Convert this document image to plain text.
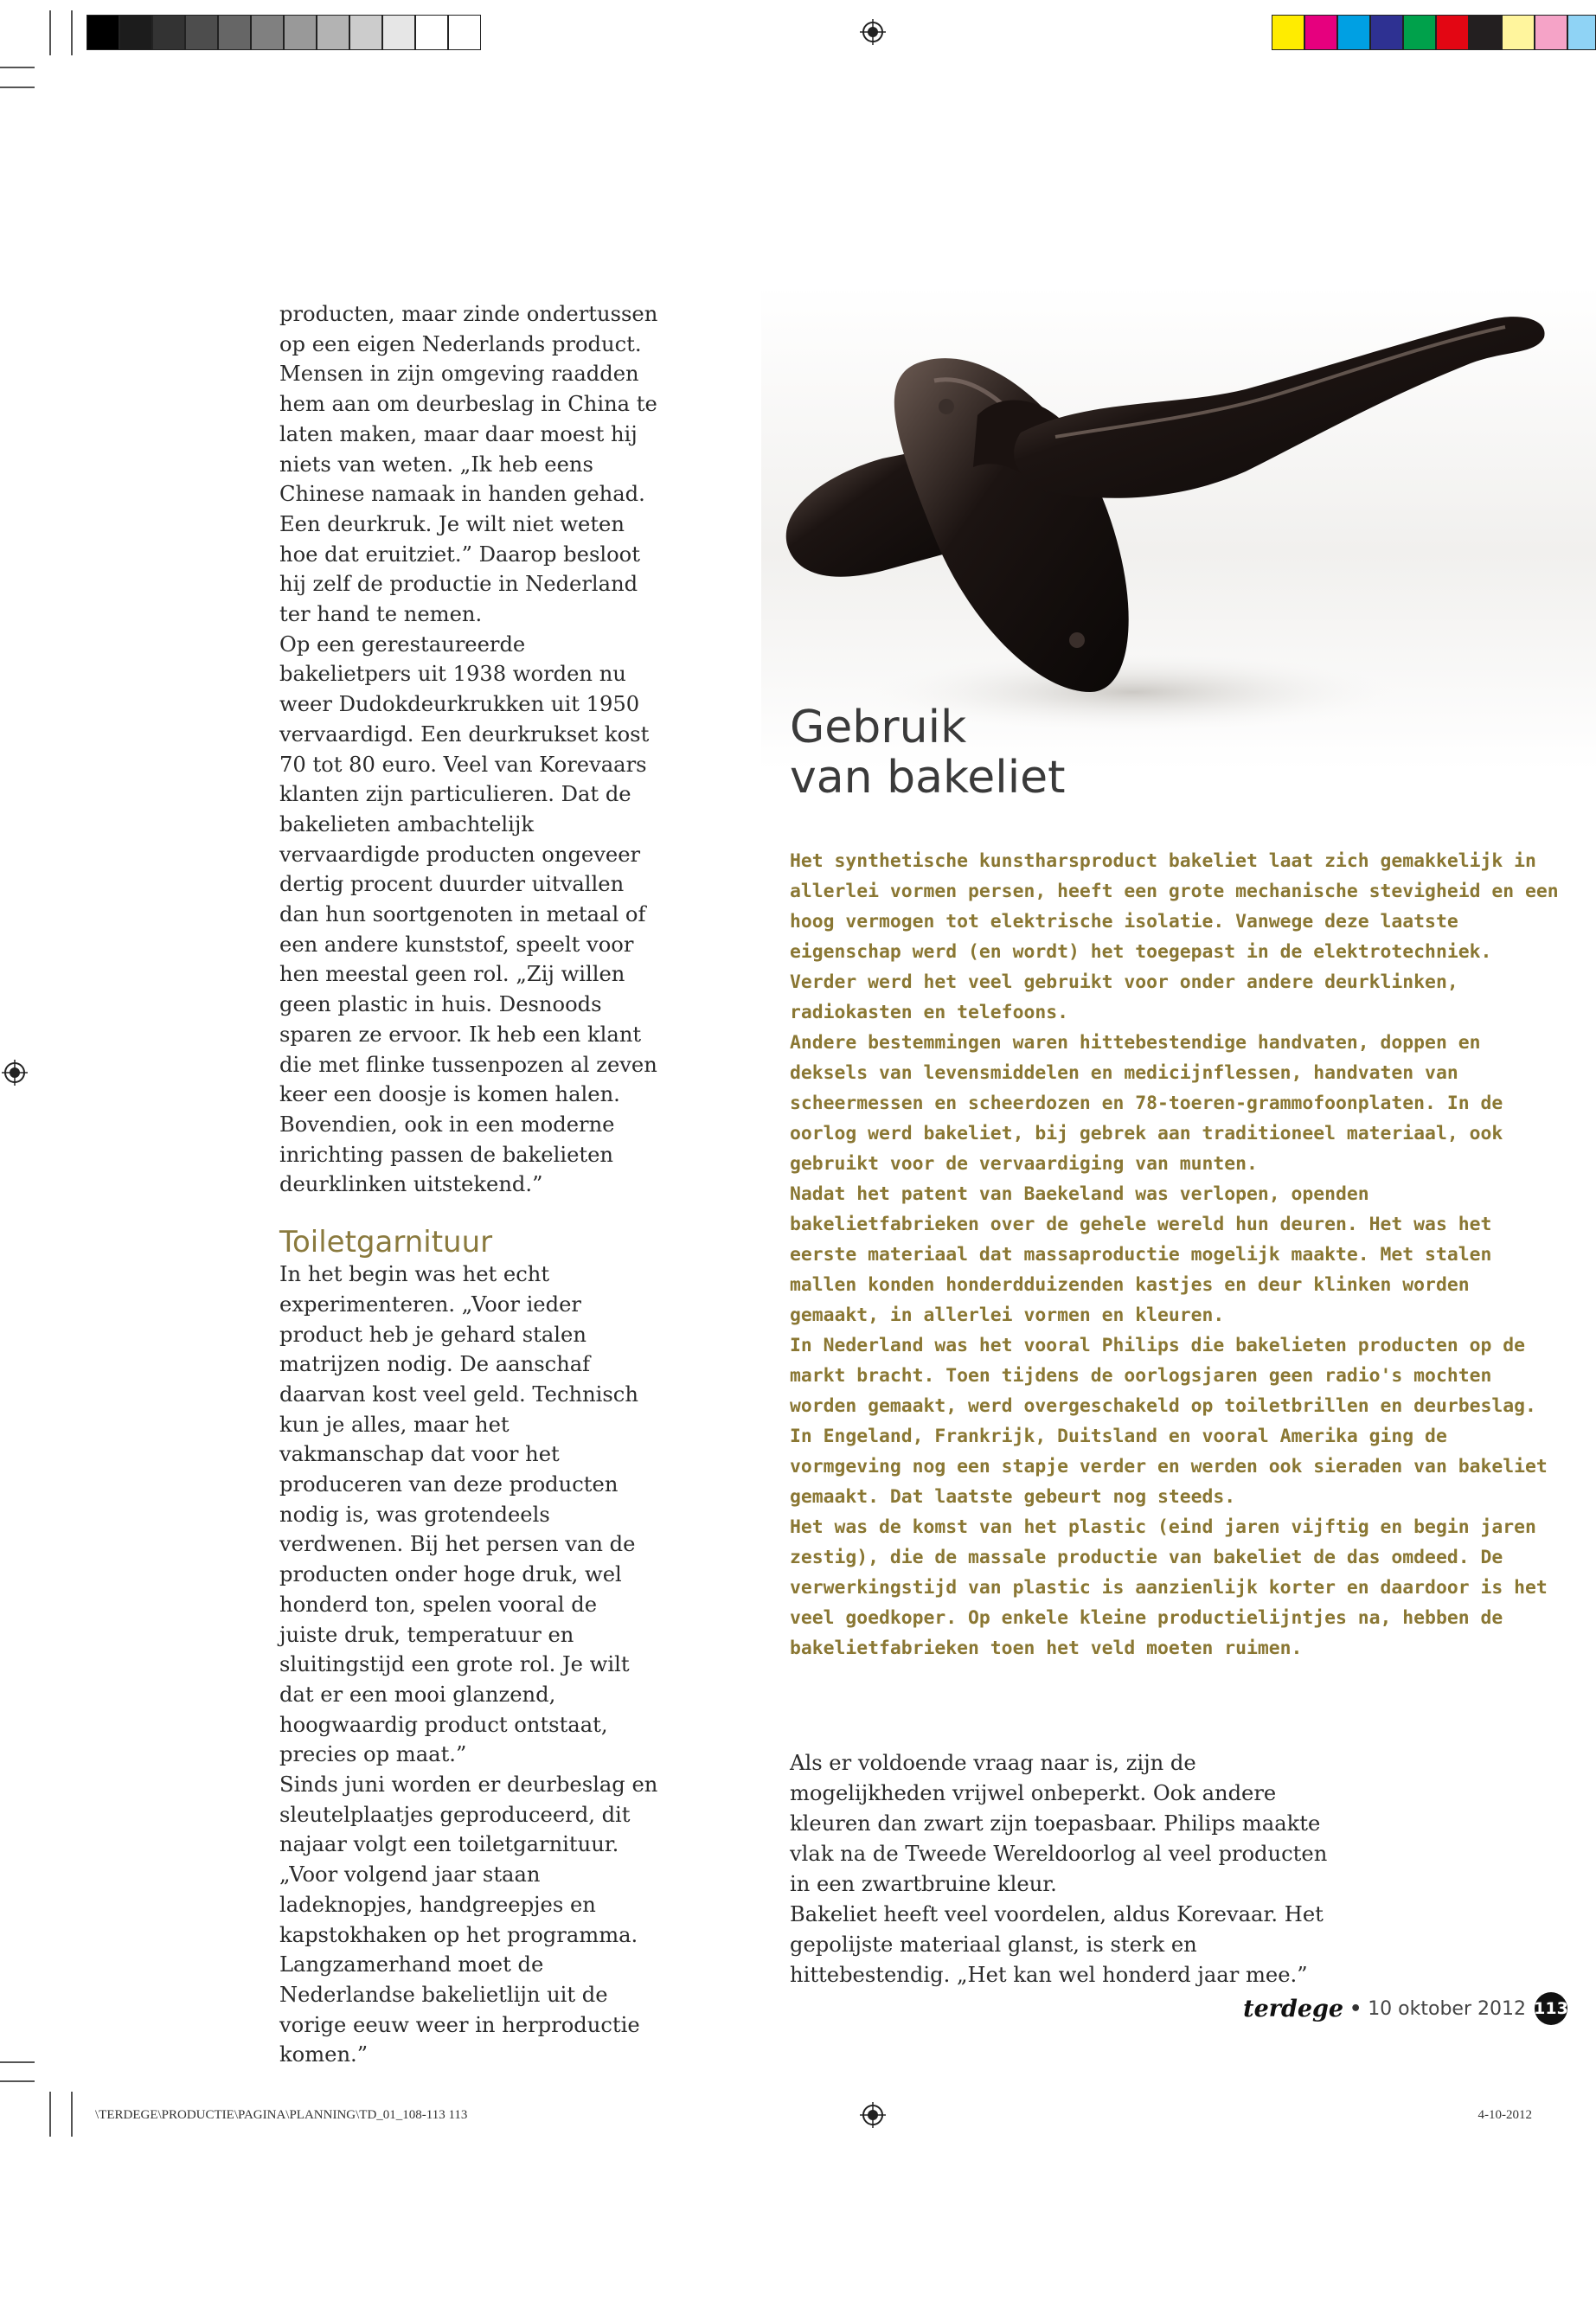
producten, maar zinde ondertussen op een eigen Nederlands product. Mensen in zijn omgeving raadden hem aan om deurbeslag in China te laten maken, maar daar moest hij niets van weten. „Ik heb eens Chinese namaak in handen gehad. Een deurkruk. Je wilt niet weten hoe dat eruitziet.” Daarop besloot hij zelf de productie in Nederland ter hand te nemen.

Op een gerestaureerde bakelietpers uit 1938 worden nu weer Dudokdeurkrukken uit 1950 vervaardigd. Een deurkrukset kost 70 tot 80 euro. Veel van Korevaars klanten zijn particulieren. Dat de bakelieten ambachtelijk vervaardigde producten ongeveer dertig procent duurder uitvallen dan hun soortgenoten in metaal of een andere kunststof, speelt voor hen meestal geen rol. „Zij willen geen plastic in huis. Desnoods sparen ze ervoor. Ik heb een klant die met flinke tussenpozen al zeven keer een doosje is komen halen. Bovendien, ook in een moderne inrichting passen de bakelieten deurklinken uitstekend.”

Toiletgarnituur

In het begin was het echt experimenteren. „Voor ieder product heb je gehard stalen matrijzen nodig. De aanschaf daarvan kost veel geld. Technisch kun je alles, maar het vakmanschap dat voor het produceren van deze producten nodig is, was grotendeels verdwenen. Bij het persen van de producten onder hoge druk, wel honderd ton, spelen vooral de juiste druk, temperatuur en sluitingstijd een grote rol. Je wilt dat er een mooi glanzend, hoogwaardig product ontstaat, precies op maat.”

Sinds juni worden er deurbeslag en sleutelplaatjes geproduceerd, dit najaar volgt een toiletgarnituur. „Voor volgend jaar staan ladeknopjes, handgreepjes en kapstokhaken op het programma. Langzamerhand moet de Nederlandse bakelietlijn uit de vorige eeuw weer in herproductie komen.”

Gebruik
van bakeliet

Het synthetische kunstharsproduct bakeliet laat zich gemakkelijk in allerlei vormen persen, heeft een grote mechanische stevigheid en een hoog vermogen tot elektrische isolatie. Vanwege deze laatste eigenschap werd (en wordt) het toegepast in de elektrotechniek. Verder werd het veel gebruikt voor onder andere deurklinken, radiokasten en telefoons.

Andere bestemmingen waren hittebestendige handvaten, doppen en deksels van levensmiddelen en medicijnflessen, handvaten van scheermessen en scheerdozen en 78-toeren-grammofoonplaten. In de oorlog werd bakeliet, bij gebrek aan traditioneel materiaal, ook gebruikt voor de vervaardiging van munten.

Nadat het patent van Baekeland was verlopen, openden bakelietfabrieken over de gehele wereld hun deuren. Het was het eerste materiaal dat massaproductie mogelijk maakte. Met stalen mallen konden honderdduizenden kastjes en deur klinken worden gemaakt, in allerlei vormen en kleuren.

In Nederland was het vooral Philips die bakelieten producten op de markt bracht. Toen tijdens de oorlogsjaren geen radio's mochten worden gemaakt, werd overgeschakeld op toiletbrillen en deurbeslag. In Engeland, Frankrijk, Duitsland en vooral Amerika ging de vormgeving nog een stapje verder en werden ook sieraden van bakeliet gemaakt. Dat laatste gebeurt nog steeds.

Het was de komst van het plastic (eind jaren vijftig en begin jaren zestig), die de massale productie van bakeliet de das omdeed. De verwerkingstijd van plastic is aanzienlijk korter en daardoor is het veel goedkoper. Op enkele kleine productielijntjes na, hebben de bakelietfabrieken toen het veld moeten ruimen.

Als er voldoende vraag naar is, zijn de mogelijkheden vrijwel onbeperkt. Ook andere kleuren dan zwart zijn toepasbaar. Philips maakte vlak na de Tweede Wereldoorlog al veel producten in een zwartbruine kleur.

Bakeliet heeft veel voordelen, aldus Korevaar. Het gepolijste materiaal glanst, is sterk en hittebestendig. „Het kan wel honderd jaar mee.”

terdege • 10 oktober 2012 113
\TERDEGE\PRODUCTIE\PAGINA\PLANNING\TD_01_108-113 113	4-10-2012
